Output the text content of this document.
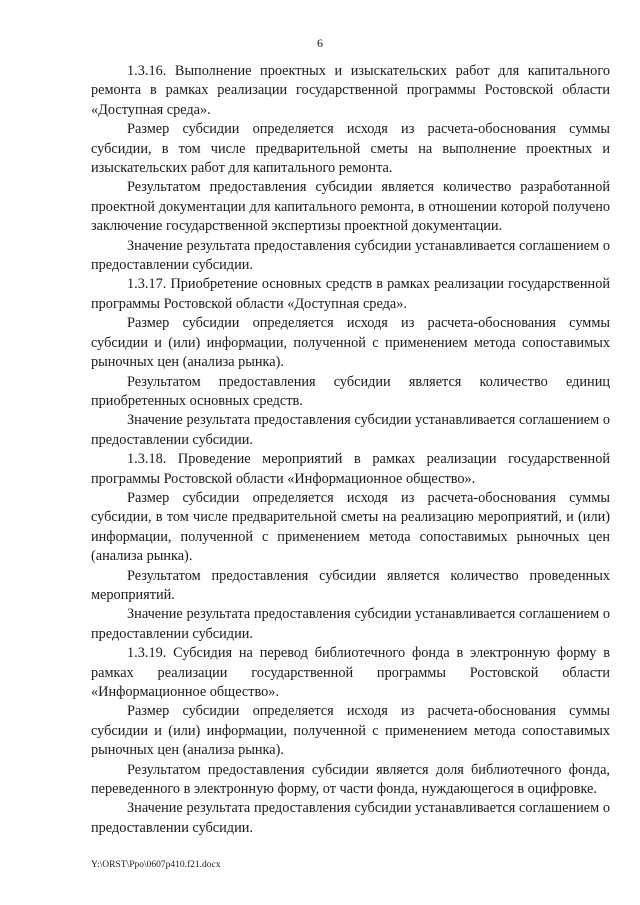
6

1.3.16. Выполнение проектных и изыскательских работ для капитального ремонта в рамках реализации государственной программы Ростовской области «Доступная среда».

Размер субсидии определяется исходя из расчета-обоснования суммы субсидии, в том числе предварительной сметы на выполнение проектных и изыскательских работ для капитального ремонта.

Результатом предоставления субсидии является количество разработанной проектной документации для капитального ремонта, в отношении которой получено заключение государственной экспертизы проектной документации.

Значение результата предоставления субсидии устанавливается соглашением о предоставлении субсидии.

1.3.17. Приобретение основных средств в рамках реализации государственной программы Ростовской области «Доступная среда».

Размер субсидии определяется исходя из расчета-обоснования суммы субсидии и (или) информации, полученной с применением метода сопоставимых рыночных цен (анализа рынка).

Результатом предоставления субсидии является количество единиц приобретенных основных средств.

Значение результата предоставления субсидии устанавливается соглашением о предоставлении субсидии.

1.3.18. Проведение мероприятий в рамках реализации государственной программы Ростовской области «Информационное общество».

Размер субсидии определяется исходя из расчета-обоснования суммы субсидии, в том числе предварительной сметы на реализацию мероприятий, и (или) информации, полученной с применением метода сопоставимых рыночных цен (анализа рынка).

Результатом предоставления субсидии является количество проведенных мероприятий.

Значение результата предоставления субсидии устанавливается соглашением о предоставлении субсидии.

1.3.19. Субсидия на перевод библиотечного фонда в электронную форму в рамках реализации государственной программы Ростовской области «Информационное общество».

Размер субсидии определяется исходя из расчета-обоснования суммы субсидии и (или) информации, полученной с применением метода сопоставимых рыночных цен (анализа рынка).

Результатом предоставления субсидии является доля библиотечного фонда, переведенного в электронную форму, от части фонда, нуждающегося в оцифровке.

Значение результата предоставления субсидии устанавливается соглашением о предоставлении субсидии.

Y:\ORST\Ppo\0607p410.f21.docx
